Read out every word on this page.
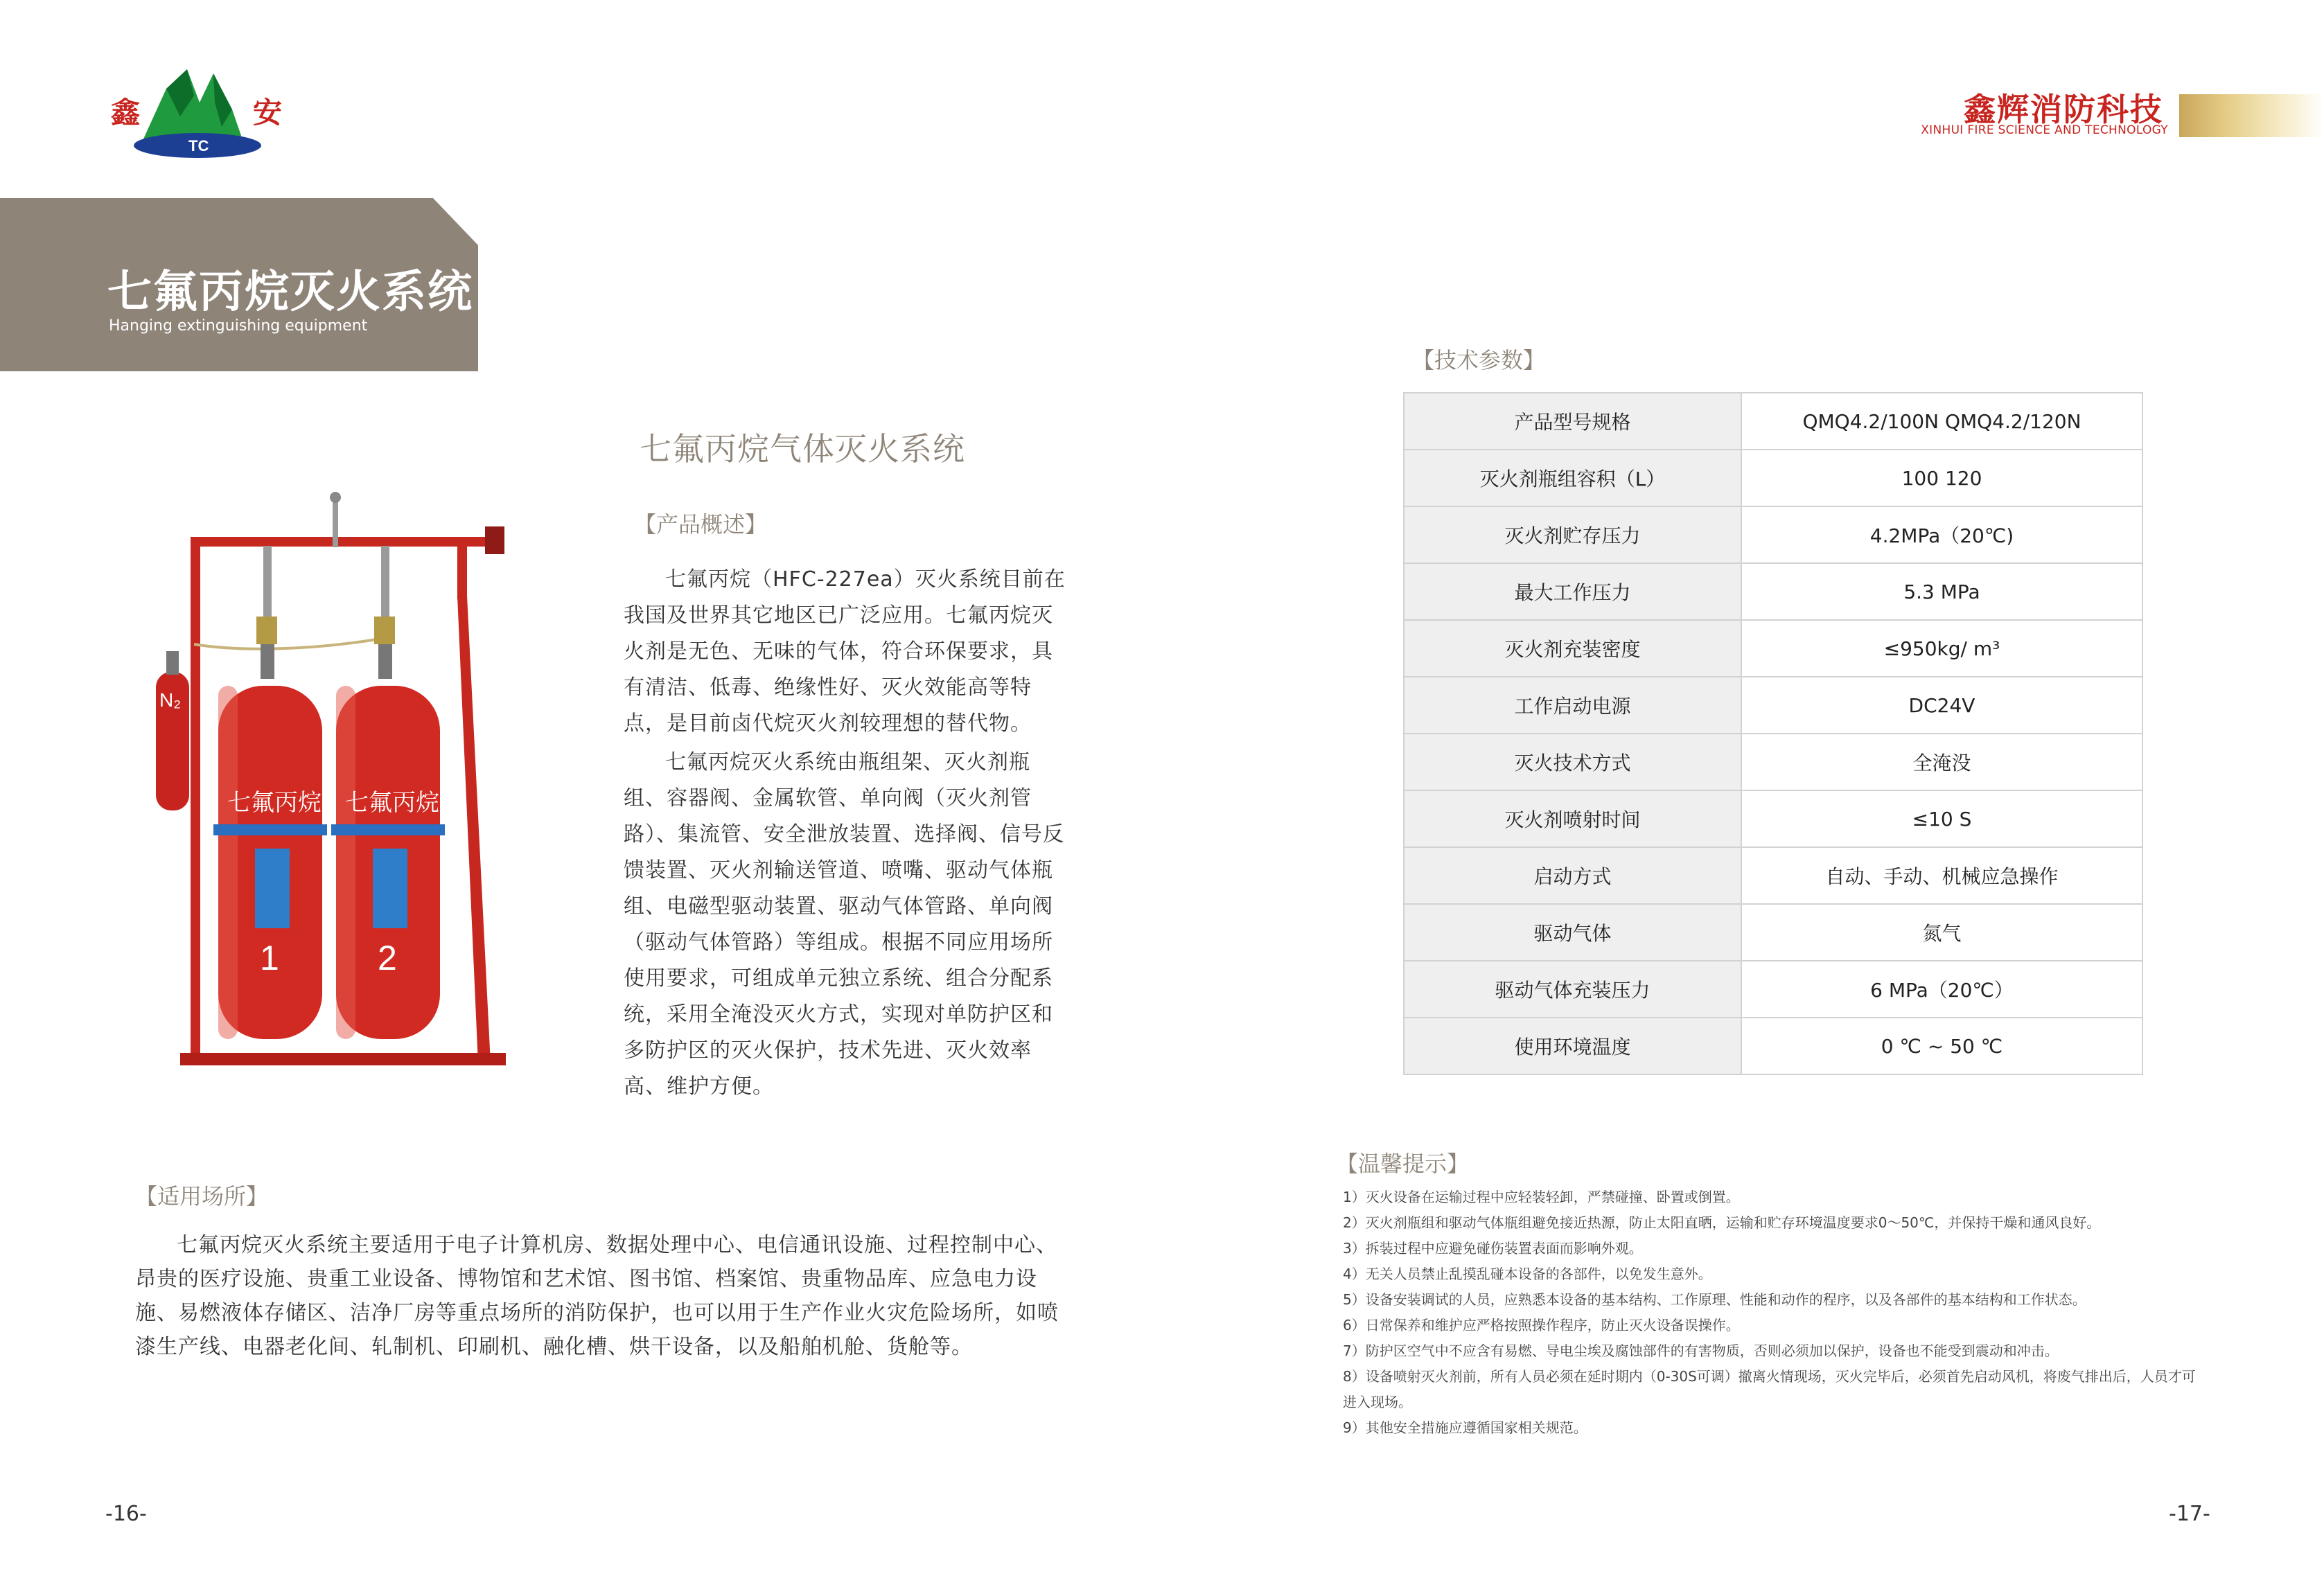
鑫
TC
安	鑫辉消防科技
XINHUI FIRE SCIENCE AND TECHNOLOGY
七氟丙烷灭火系统
Hanging extinguishing equipment
N₂
七氟丙烷
1
七氟丙烷
2
七氟丙烷气体灭火系统
【产品概述】
七氟丙烷（HFC-227ea）灭火系统目前在我国及世界其它地区已广泛应用。七氟丙烷灭火剂是无色、无味的气体，符合环保要求，具有清洁、低毒、绝缘性好、灭火效能高等特点，是目前卤代烷灭火剂较理想的替代物。
七氟丙烷灭火系统由瓶组架、灭火剂瓶组、容器阀、金属软管、单向阀（灭火剂管路）、集流管、安全泄放装置、选择阀、信号反馈装置、灭火剂输送管道、喷嘴、驱动气体瓶组、电磁型驱动装置、驱动气体管路、单向阀（驱动气体管路）等组成。根据不同应用场所使用要求，可组成单元独立系统、组合分配系统，采用全淹没灭火方式，实现对单防护区和多防护区的灭火保护，技术先进、灭火效率高、维护方便。
【适用场所】
七氟丙烷灭火系统主要适用于电子计算机房、数据处理中心、电信通讯设施、过程控制中心、昂贵的医疗设施、贵重工业设备、博物馆和艺术馆、图书馆、档案馆、贵重物品库、应急电力设施、易燃液体存储区、洁净厂房等重点场所的消防保护，也可以用于生产作业火灾危险场所，如喷漆生产线、电器老化间、轧制机、印刷机、融化槽、烘干设备，以及船舶机舱、货舱等。
-16-
【技术参数】
产品型号规格	QMQ4.2/100N QMQ4.2/120N
灭火剂瓶组容积（L）	100 120
灭火剂贮存压力	4.2MPa（20℃)
最大工作压力	5.3 MPa
灭火剂充装密度	≤950kg/ m³
工作启动电源	DC24V
灭火技术方式	全淹没
灭火剂喷射时间	≤10 S
启动方式	自动、手动、机械应急操作
驱动气体	氮气
驱动气体充装压力	6 MPa（20℃）
使用环境温度	0 ℃ ~ 50 ℃
【温馨提示】
1）灭火设备在运输过程中应轻装轻卸，严禁碰撞、卧置或倒置。
2）灭火剂瓶组和驱动气体瓶组避免接近热源，防止太阳直晒，运输和贮存环境温度要求0～50℃，并保持干燥和通风良好。
3）拆装过程中应避免碰伤装置表面而影响外观。
4）无关人员禁止乱摸乱碰本设备的各部件，以免发生意外。
5）设备安装调试的人员，应熟悉本设备的基本结构、工作原理、性能和动作的程序，以及各部件的基本结构和工作状态。
6）日常保养和维护应严格按照操作程序，防止灭火设备误操作。
7）防护区空气中不应含有易燃、导电尘埃及腐蚀部件的有害物质，否则必须加以保护，设备也不能受到震动和冲击。
8）设备喷射灭火剂前，所有人员必须在延时期内（0-30S可调）撤离火情现场，灭火完毕后，必须首先启动风机，将废气排出后，人员才可进入现场。
9）其他安全措施应遵循国家相关规范。
-17-
